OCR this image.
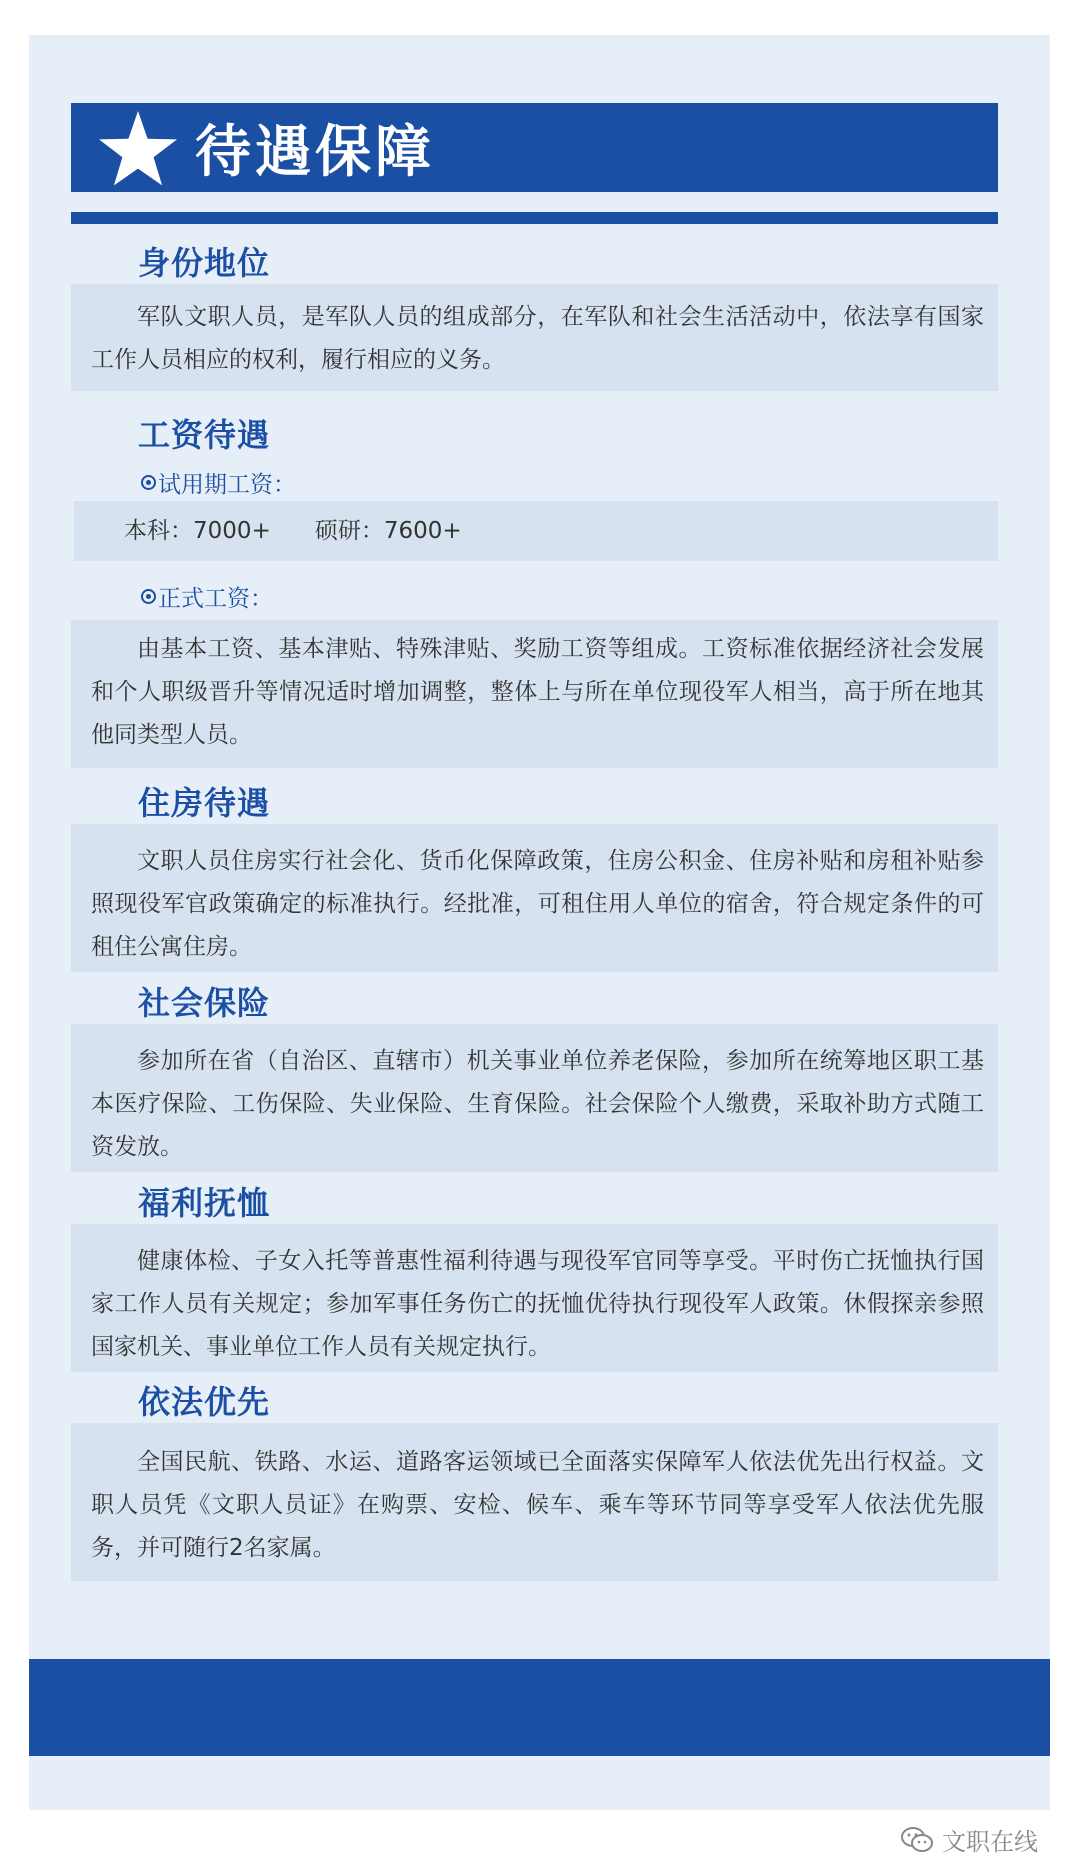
待遇保障
身份地位

军队文职人员，是军队人员的组成部分，在军队和社会生活活动中，依法享有国家工作人员相应的权利，履行相应的义务。

工资待遇
试用期工资：
本科：7000+ 硕研：7600+
正式工资：

由基本工资、基本津贴、特殊津贴、奖励工资等组成。工资标准依据经济社会发展和个人职级晋升等情况适时增加调整，整体上与所在单位现役军人相当，高于所在地其他同类型人员。

住房待遇

文职人员住房实行社会化、货币化保障政策，住房公积金、住房补贴和房租补贴参照现役军官政策确定的标准执行。经批准，可租住用人单位的宿舍，符合规定条件的可租住公寓住房。

社会保险

参加所在省（自治区、直辖市）机关事业单位养老保险，参加所在统筹地区职工基本医疗保险、工伤保险、失业保险、生育保险。社会保险个人缴费，采取补助方式随工资发放。

福利抚恤

健康体检、子女入托等普惠性福利待遇与现役军官同等享受。平时伤亡抚恤执行国家工作人员有关规定；参加军事任务伤亡的抚恤优待执行现役军人政策。休假探亲参照国家机关、事业单位工作人员有关规定执行。

依法优先

全国民航、铁路、水运、道路客运领域已全面落实保障军人依法优先出行权益。文职人员凭《文职人员证》在购票、安检、候车、乘车等环节同等享受军人依法优先服务，并可随行2名家属。

文职在线
